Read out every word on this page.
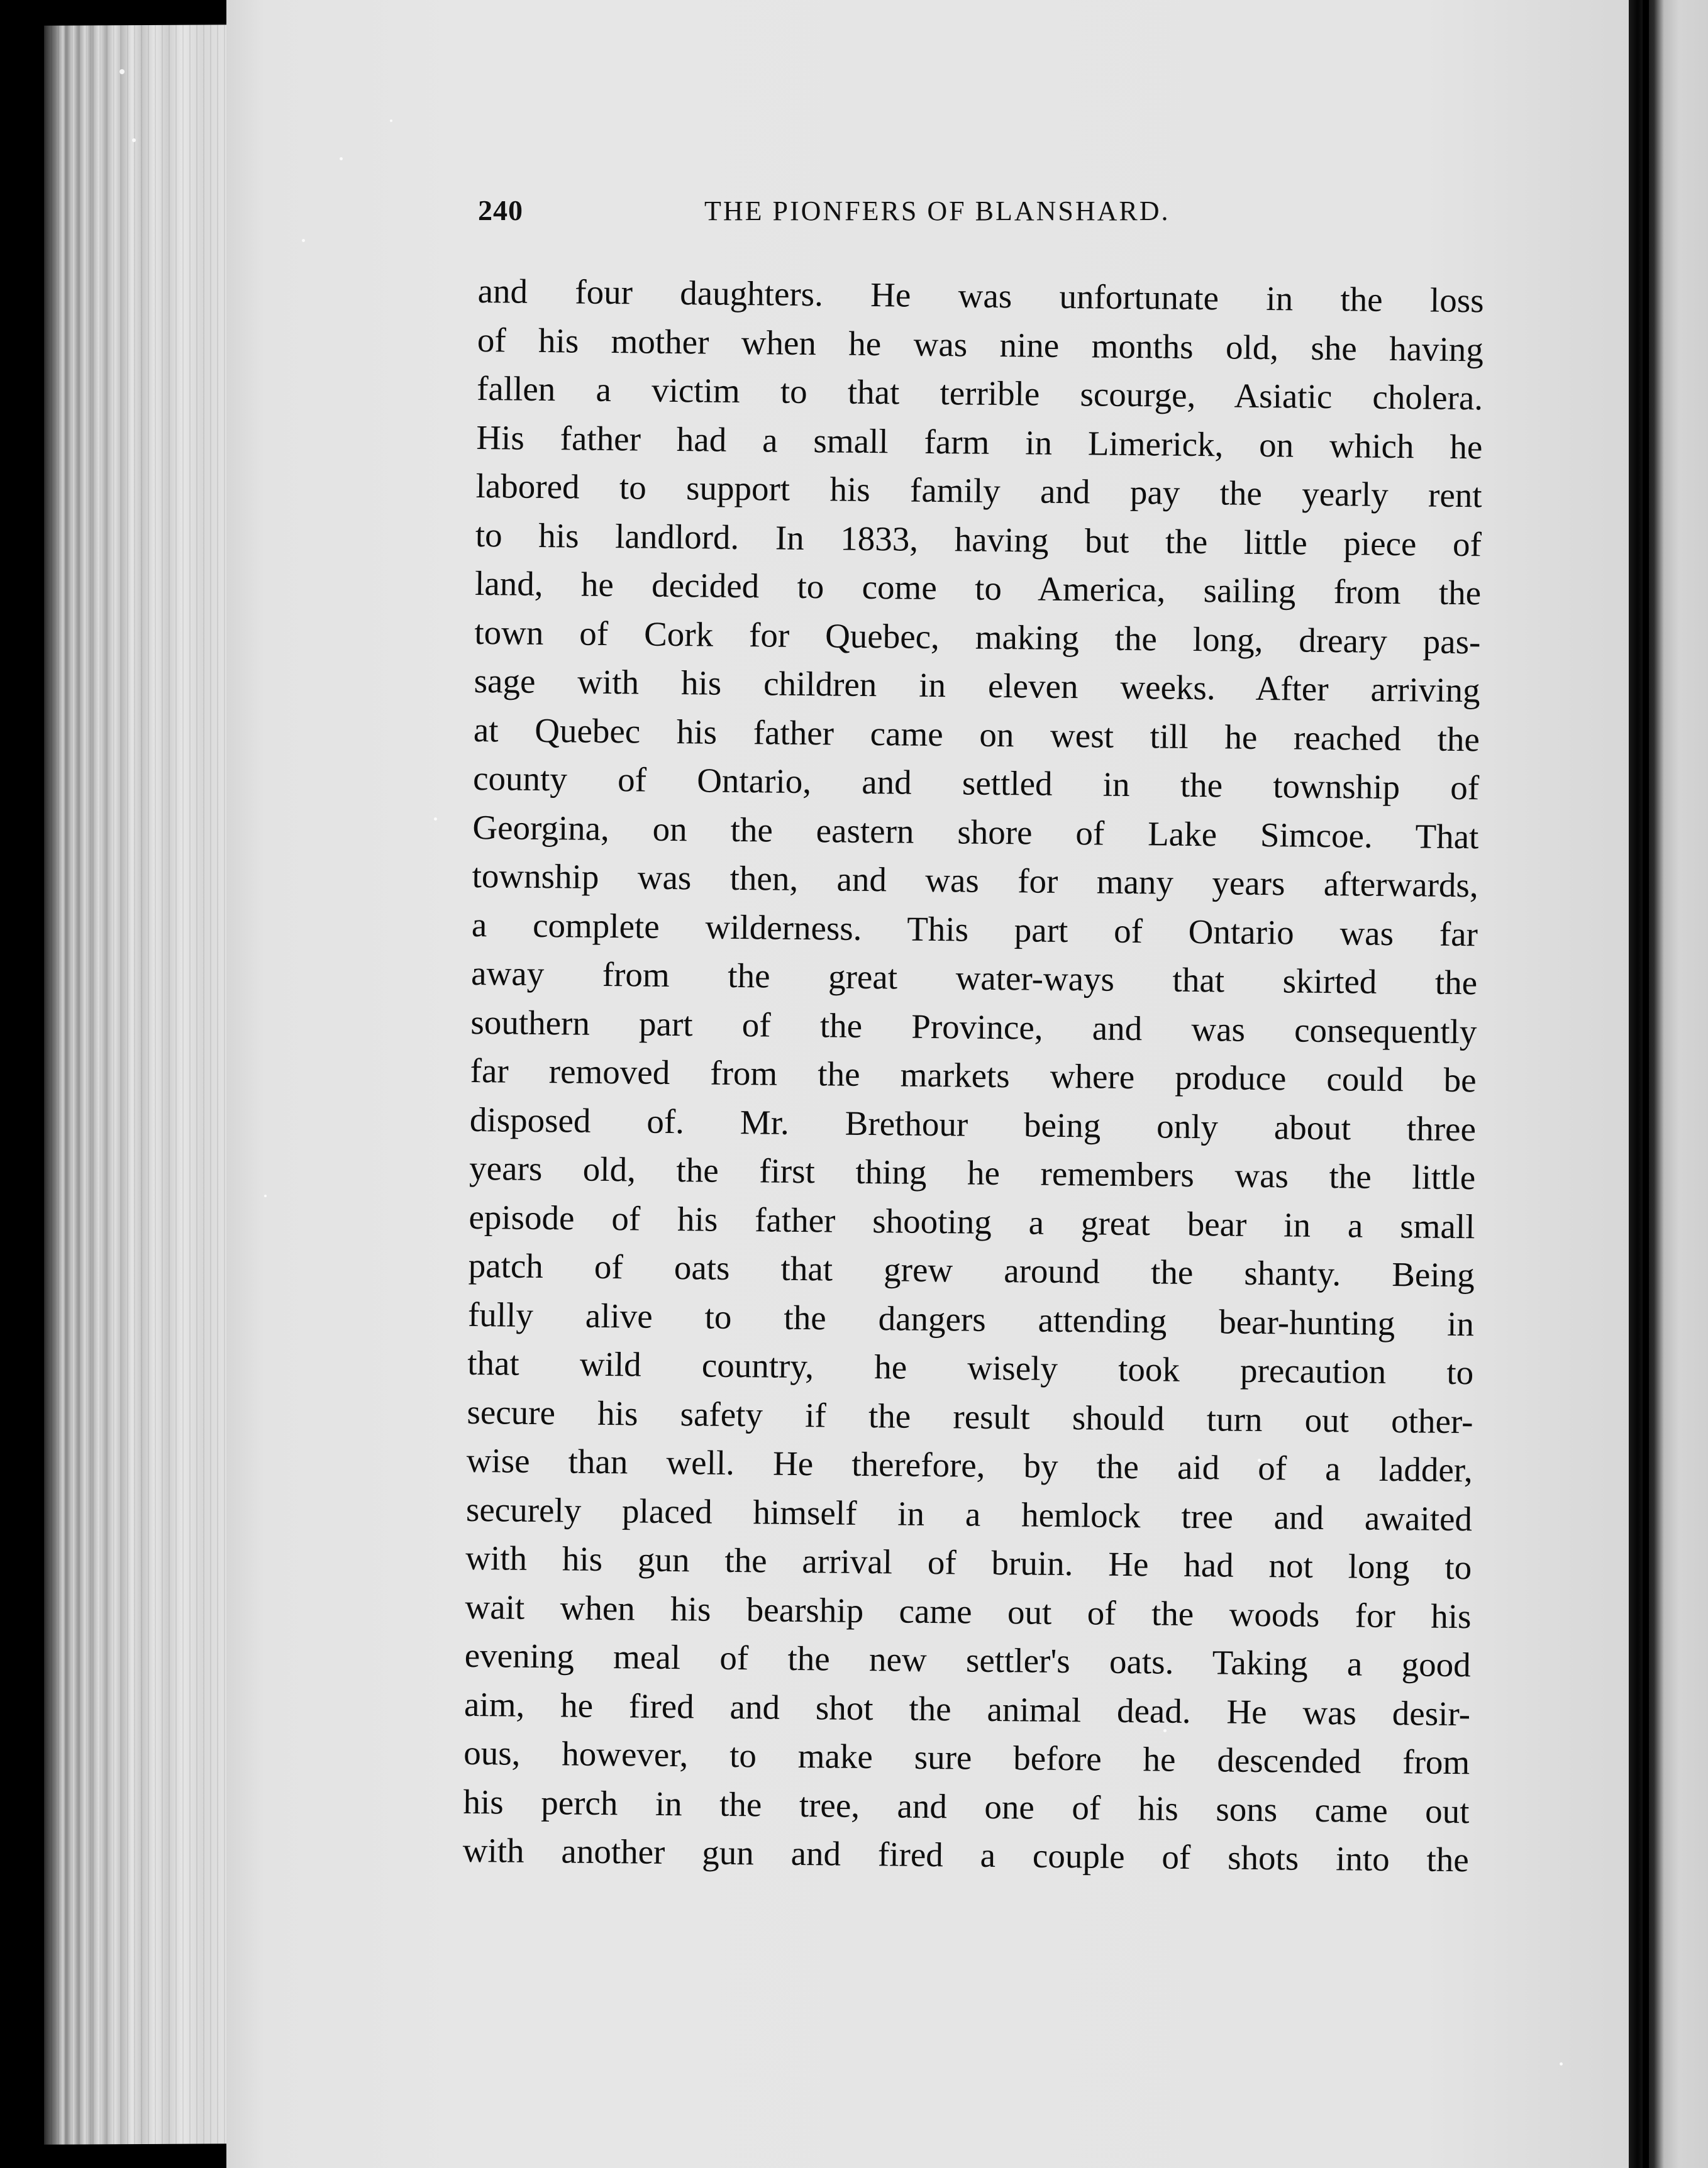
240	THE PIONFERS OF BLANSHARD.
and four daughters. He was unfortunate in the loss
of his mother when he was nine months old, she having
fallen a victim to that terrible scourge, Asiatic cholera.
His father had a small farm in Limerick, on which he
labored to support his family and pay the yearly rent
to his landlord. In 1833, having but the little piece of
land, he decided to come to America, sailing from the
town of Cork for Quebec, making the long, dreary pas-
sage with his children in eleven weeks. After arriving
at Quebec his father came on west till he reached the
county of Ontario, and settled in the township of
Georgina, on the eastern shore of Lake Simcoe. That
township was then, and was for many years afterwards,
a complete wilderness. This part of Ontario was far
away from the great water-ways that skirted the
southern part of the Province, and was consequently
far removed from the markets where produce could be
disposed of. Mr. Brethour being only about three
years old, the first thing he remembers was the little
episode of his father shooting a great bear in a small
patch of oats that grew around the shanty. Being
fully alive to the dangers attending bear-hunting in
that wild country, he wisely took precaution to
secure his safety if the result should turn out other-
wise than well. He therefore, by the aid of a ladder,
securely placed himself in a hemlock tree and awaited
with his gun the arrival of bruin. He had not long to
wait when his bearship came out of the woods for his
evening meal of the new settler's oats. Taking a good
aim, he fired and shot the animal dead. He was desir-
ous, however, to make sure before he descended from
his perch in the tree, and one of his sons came out
with another gun and fired a couple of shots into the
